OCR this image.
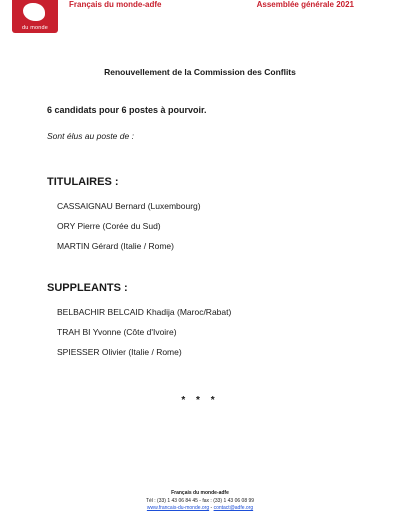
du monde
Français du monde-adfe	Assemblée générale 2021
Renouvellement de la Commission des Conflits
6 candidats pour 6 postes à pourvoir.
Sont élus au poste de :
TITULAIRES :
CASSAIGNAU Bernard (Luxembourg)
ORY Pierre (Corée du Sud)
MARTIN Gérard (Italie / Rome)
SUPPLEANTS :
BELBACHIR BELCAID Khadija (Maroc/Rabat)
TRAH BI Yvonne (Côte d'Ivoire)
SPIESSER Olivier (Italie / Rome)
* * *
Français du monde-adfe
Tél : (33) 1 43 06 84 45 - fax : (33) 1 43 06 08 99
www.francais-du-monde.org - contact@adfe.org
